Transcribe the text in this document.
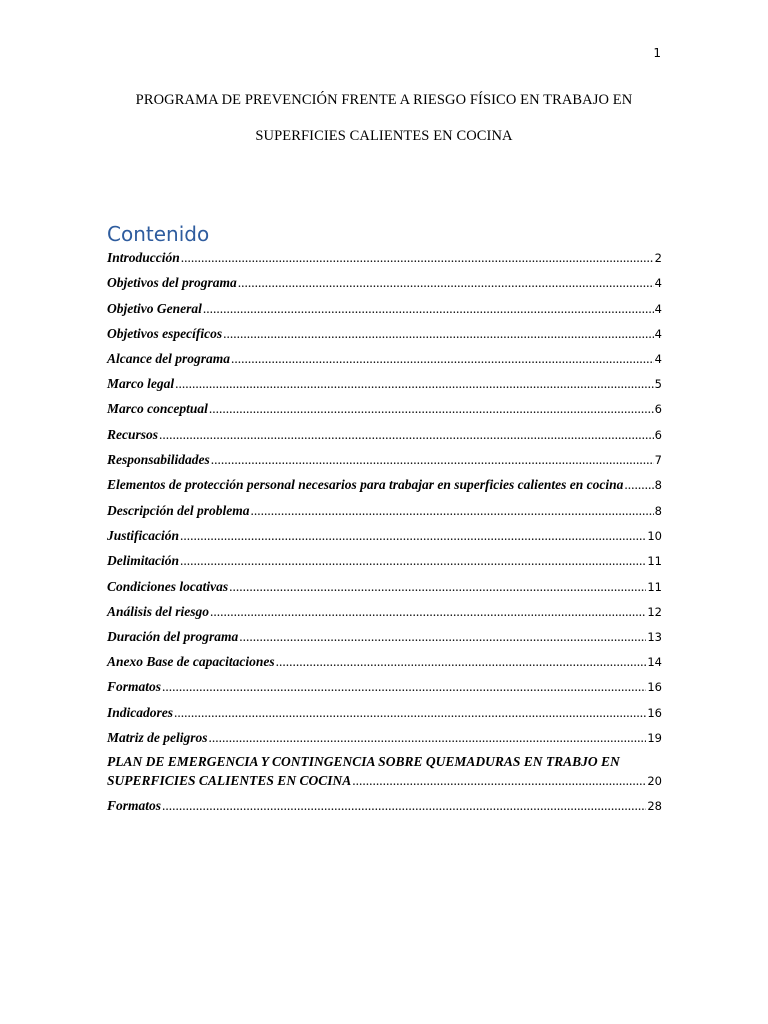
1
PROGRAMA DE PREVENCIÓN FRENTE A RIESGO FÍSICO EN TRABAJO EN
SUPERFICIES CALIENTES EN COCINA
Contenido
Introducción .....	2
Objetivos del programa .....	4
Objetivo General .....	4
Objetivos específicos .....	4
Alcance del programa .....	4
Marco legal .....	5
Marco conceptual .....	6
Recursos .....	6
Responsabilidades .....	7
Elementos de protección personal necesarios para trabajar en superficies calientes en cocina .....	8
Descripción del problema .....	8
Justificación .....	10
Delimitación .....	11
Condiciones locativas .....	11
Análisis del riesgo .....	12
Duración del programa .....	13
Anexo Base de capacitaciones .....	14
Formatos .....	16
Indicadores .....	16
Matriz de peligros .....	19
PLAN DE EMERGENCIA Y CONTINGENCIA SOBRE QUEMADURAS EN TRABJO EN
SUPERFICIES CALIENTES EN COCINA .....	20
Formatos .....	28
